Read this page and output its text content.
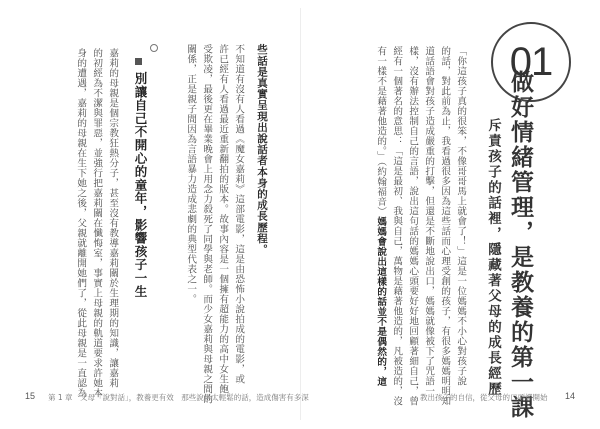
01
做好情緒管理，是教養的第一課
斥責孩子的話裡，隱藏著父母的成長經歷
「你這孩子真的很笨，不像哥哥馬上就會了！」這是一位媽媽不小心對孩子說
的話，對此前為止，我看過很多因為這些話而心理受創的孩子，有很多媽媽明明知
道話語會對孩子造成嚴重的打擊，但還是不斷地說出口，媽媽就像被下了咒語一
樣，沒有辦法控制自己的言語，說出這句話的媽媽心頭要好好地回顧著細自己，曾
經有一個著名的意思：「這是最初、我與自己，萬物是藉著他造的，凡被造的，沒
有一樣不是藉著他造的。」（約翰福音）媽媽會說出這樣的話並不是偶然的，這
14
教出孩子的自信，從父母的口頭禪開始
些話是真實呈現出說話者本身的成長歷程。
不知道有沒有人看過《魔女嘉莉》這部電影，這是由恐怖小說拍成的電影，或
許已經有人看過最近重新翻拍的版本。故事內容是一個擁有超能力的高中女生飽
受欺凌，最後更在畢業晚會上用念力殺死了同學與老師。而少女嘉莉與母親之間的
關係，正是親子間因為言語暴力造成悲劇的典型代表之一。
別讓自己不開心的童年，影響孩子一生
嘉莉的母親是個宗教狂熱分子，甚至沒有教導嘉莉關於生理期的知識，讓嘉莉
的初經為不潔與罪惡，並強行把嘉莉關在懺悔室，事實上母親的軌道要求許她本
身的遭遇，嘉莉的母親在生下她之後，父親就離開她們了，從此母親是一直認為
15 第 1 章　父母「說對話」，教養更有效　那些說得太輕鬆的話，造成傷害有多深
